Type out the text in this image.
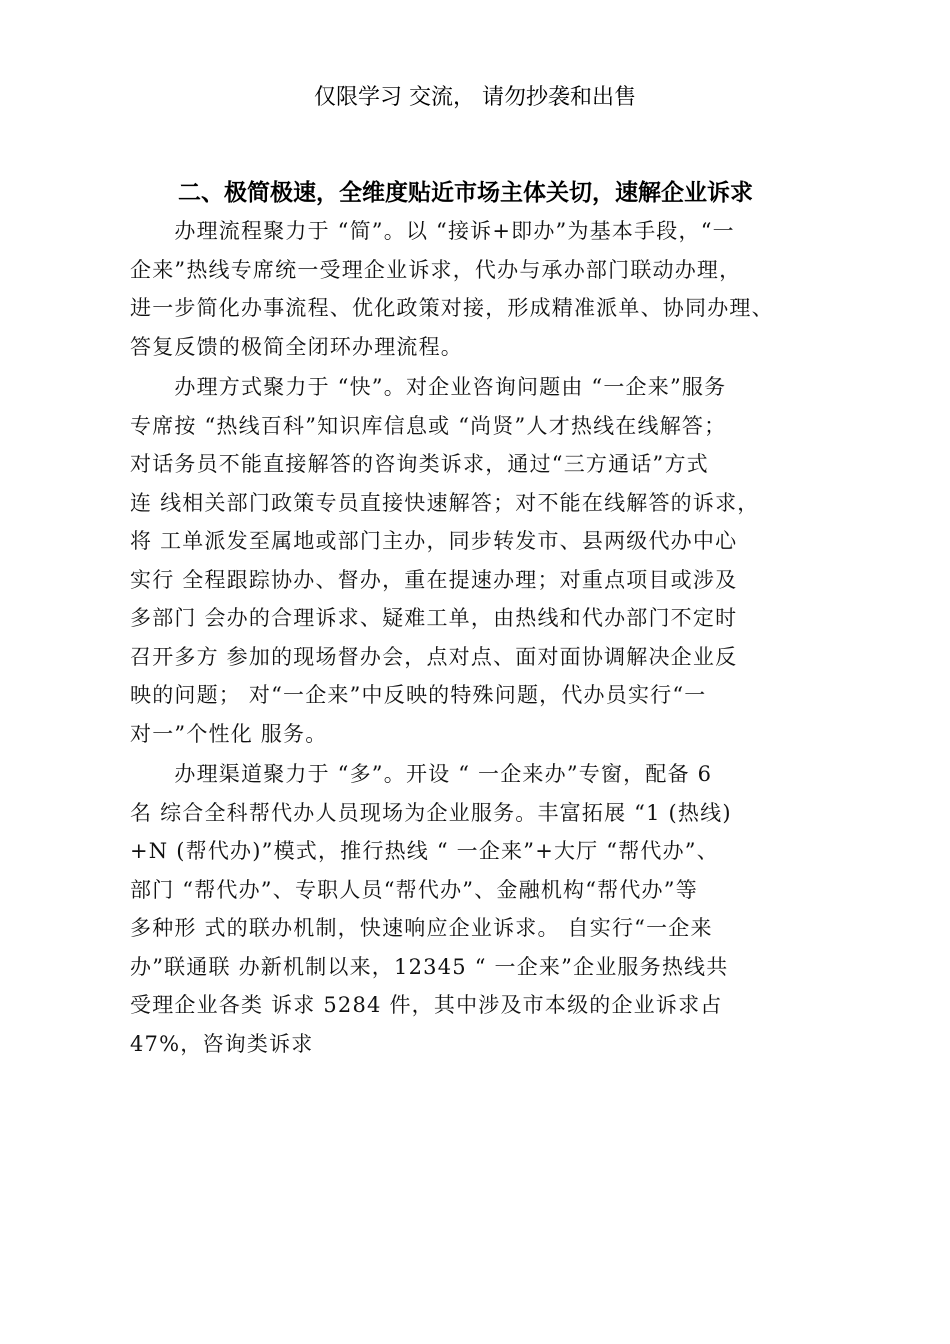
仅限学习 交流， 请勿抄袭和出售
二、极简极速，全维度贴近市场主体关切，速解企业诉求
　　办理流程聚力于 “简”。以 “接诉+即办”为基本手段，“一
企来”热线专席统一受理企业诉求，代办与承办部门联动办理，
进一步简化办事流程、优化政策对接，形成精准派单、协同办理、
答复反馈的极简全闭环办理流程。
　　办理方式聚力于 “快”。对企业咨询问题由 “一企来”服务
专席按 “热线百科”知识库信息或 “尚贤”人才热线在线解答；
对话务员不能直接解答的咨询类诉求，通过“三方通话”方式
连 线相关部门政策专员直接快速解答；对不能在线解答的诉求，
将 工单派发至属地或部门主办，同步转发市、县两级代办中心
实行 全程跟踪协办、督办，重在提速办理；对重点项目或涉及
多部门 会办的合理诉求、疑难工单，由热线和代办部门不定时
召开多方 参加的现场督办会，点对点、面对面协调解决企业反
映的问题； 对“一企来”中反映的特殊问题，代办员实行“一
对一”个性化 服务。
　　办理渠道聚力于 “多”。开设 “ 一企来办”专窗，配备 6
名 综合全科帮代办人员现场为企业服务。丰富拓展 “1 (热线)
+N (帮代办)”模式，推行热线 “ 一企来”+大厅 “帮代办”、
部门 “帮代办”、专职人员“帮代办”、金融机构“帮代办”等
多种形 式的联办机制，快速响应企业诉求。 自实行“一企来
办”联通联 办新机制以来，12345 “ 一企来”企业服务热线共
受理企业各类 诉求 5284 件，其中涉及市本级的企业诉求占
47%，咨询类诉求
